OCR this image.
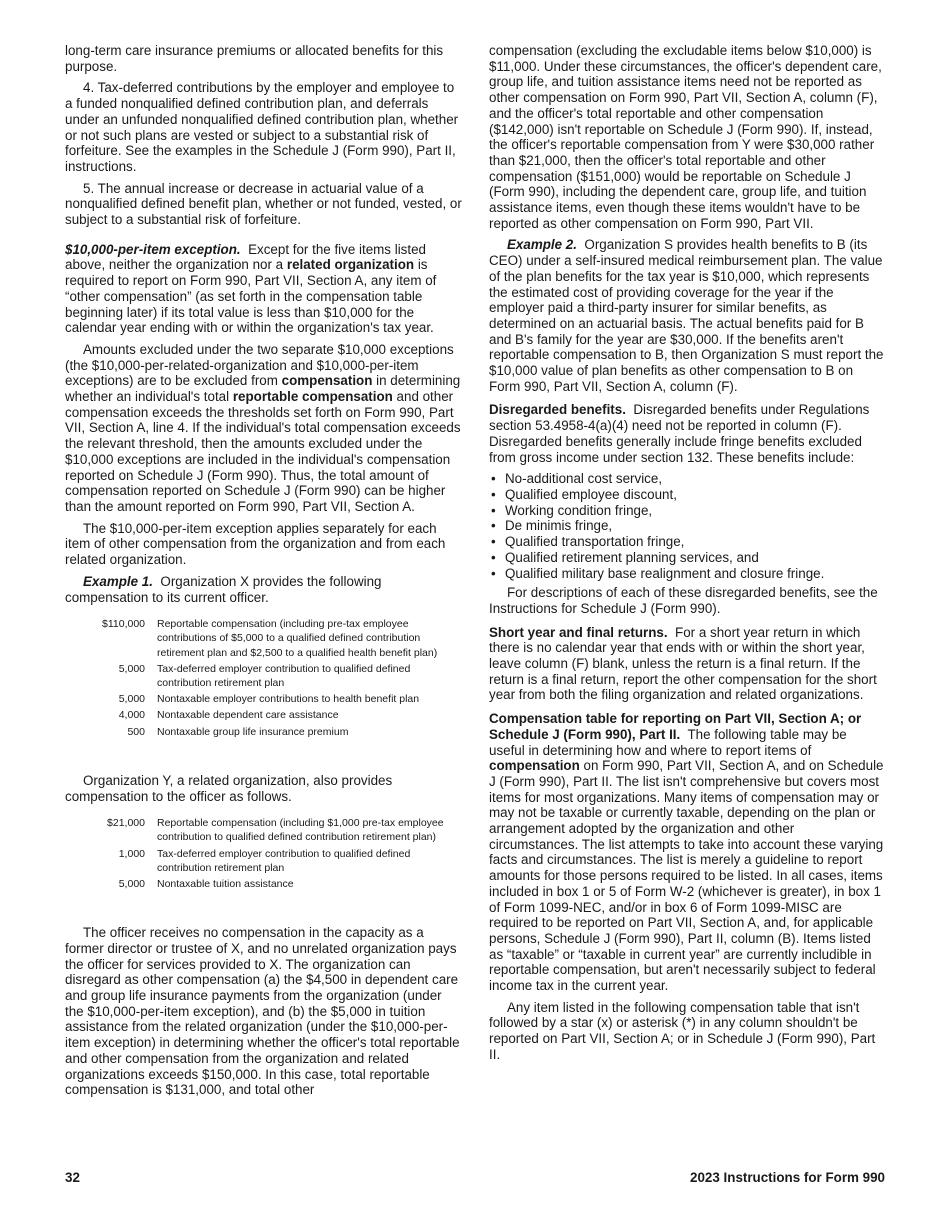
long-term care insurance premiums or allocated benefits for this purpose.

4. Tax-deferred contributions by the employer and employee to a funded nonqualified defined contribution plan, and deferrals under an unfunded nonqualified defined contribution plan, whether or not such plans are vested or subject to a substantial risk of forfeiture. See the examples in the Schedule J (Form 990), Part II, instructions.

5. The annual increase or decrease in actuarial value of a nonqualified defined benefit plan, whether or not funded, vested, or subject to a substantial risk of forfeiture.

$10,000-per-item exception. Except for the five items listed above, neither the organization nor a related organization is required to report on Form 990, Part VII, Section A, any item of “other compensation” (as set forth in the compensation table beginning later) if its total value is less than $10,000 for the calendar year ending with or within the organization's tax year.

Amounts excluded under the two separate $10,000 exceptions (the $10,000-per-related-organization and $10,000-per-item exceptions) are to be excluded from compensation in determining whether an individual's total reportable compensation and other compensation exceeds the thresholds set forth on Form 990, Part VII, Section A, line 4. If the individual's total compensation exceeds the relevant threshold, then the amounts excluded under the $10,000 exceptions are included in the individual's compensation reported on Schedule J (Form 990). Thus, the total amount of compensation reported on Schedule J (Form 990) can be higher than the amount reported on Form 990, Part VII, Section A.

The $10,000-per-item exception applies separately for each item of other compensation from the organization and from each related organization.

Example 1. Organization X provides the following compensation to its current officer.

$110,000	Reportable compensation (including pre-tax employee contributions of $5,000 to a qualified defined contribution retirement plan and $2,500 to a qualified health benefit plan)
5,000	Tax-deferred employer contribution to qualified defined contribution retirement plan
5,000	Nontaxable employer contributions to health benefit plan
4,000	Nontaxable dependent care assistance
500	Nontaxable group life insurance premium

Organization Y, a related organization, also provides compensation to the officer as follows.

$21,000	Reportable compensation (including $1,000 pre-tax employee contribution to qualified defined contribution retirement plan)
1,000	Tax-deferred employer contribution to qualified defined contribution retirement plan
5,000	Nontaxable tuition assistance

The officer receives no compensation in the capacity as a former director or trustee of X, and no unrelated organization pays the officer for services provided to X. The organization can disregard as other compensation (a) the $4,500 in dependent care and group life insurance payments from the organization (under the $10,000-per-item exception), and (b) the $5,000 in tuition assistance from the related organization (under the $10,000-per-item exception) in determining whether the officer's total reportable and other compensation from the organization and related organizations exceeds $150,000. In this case, total reportable compensation is $131,000, and total other

compensation (excluding the excludable items below $10,000) is $11,000. Under these circumstances, the officer's dependent care, group life, and tuition assistance items need not be reported as other compensation on Form 990, Part VII, Section A, column (F), and the officer's total reportable and other compensation ($142,000) isn't reportable on Schedule J (Form 990). If, instead, the officer's reportable compensation from Y were $30,000 rather than $21,000, then the officer's total reportable and other compensation ($151,000) would be reportable on Schedule J (Form 990), including the dependent care, group life, and tuition assistance items, even though these items wouldn't have to be reported as other compensation on Form 990, Part VII.

Example 2. Organization S provides health benefits to B (its CEO) under a self-insured medical reimbursement plan. The value of the plan benefits for the tax year is $10,000, which represents the estimated cost of providing coverage for the year if the employer paid a third-party insurer for similar benefits, as determined on an actuarial basis. The actual benefits paid for B and B's family for the year are $30,000. If the benefits aren't reportable compensation to B, then Organization S must report the $10,000 value of plan benefits as other compensation to B on Form 990, Part VII, Section A, column (F).

Disregarded benefits. Disregarded benefits under Regulations section 53.4958-4(a)(4) need not be reported in column (F). Disregarded benefits generally include fringe benefits excluded from gross income under section 132. These benefits include:

• No-additional cost service,
• Qualified employee discount,
• Working condition fringe,
• De minimis fringe,
• Qualified transportation fringe,
• Qualified retirement planning services, and
• Qualified military base realignment and closure fringe.

For descriptions of each of these disregarded benefits, see the Instructions for Schedule J (Form 990).

Short year and final returns. For a short year return in which there is no calendar year that ends with or within the short year, leave column (F) blank, unless the return is a final return. If the return is a final return, report the other compensation for the short year from both the filing organization and related organizations.

Compensation table for reporting on Part VII, Section A; or Schedule J (Form 990), Part II. The following table may be useful in determining how and where to report items of compensation on Form 990, Part VII, Section A, and on Schedule J (Form 990), Part II. The list isn't comprehensive but covers most items for most organizations. Many items of compensation may or may not be taxable or currently taxable, depending on the plan or arrangement adopted by the organization and other circumstances. The list attempts to take into account these varying facts and circumstances. The list is merely a guideline to report amounts for those persons required to be listed. In all cases, items included in box 1 or 5 of Form W-2 (whichever is greater), in box 1 of Form 1099-NEC, and/or in box 6 of Form 1099-MISC are required to be reported on Part VII, Section A, and, for applicable persons, Schedule J (Form 990), Part II, column (B). Items listed as “taxable” or “taxable in current year” are currently includible in reportable compensation, but aren't necessarily subject to federal income tax in the current year.

Any item listed in the following compensation table that isn't followed by a star (x) or asterisk (*) in any column shouldn't be reported on Part VII, Section A; or in Schedule J (Form 990), Part II.

32	2023 Instructions for Form 990
